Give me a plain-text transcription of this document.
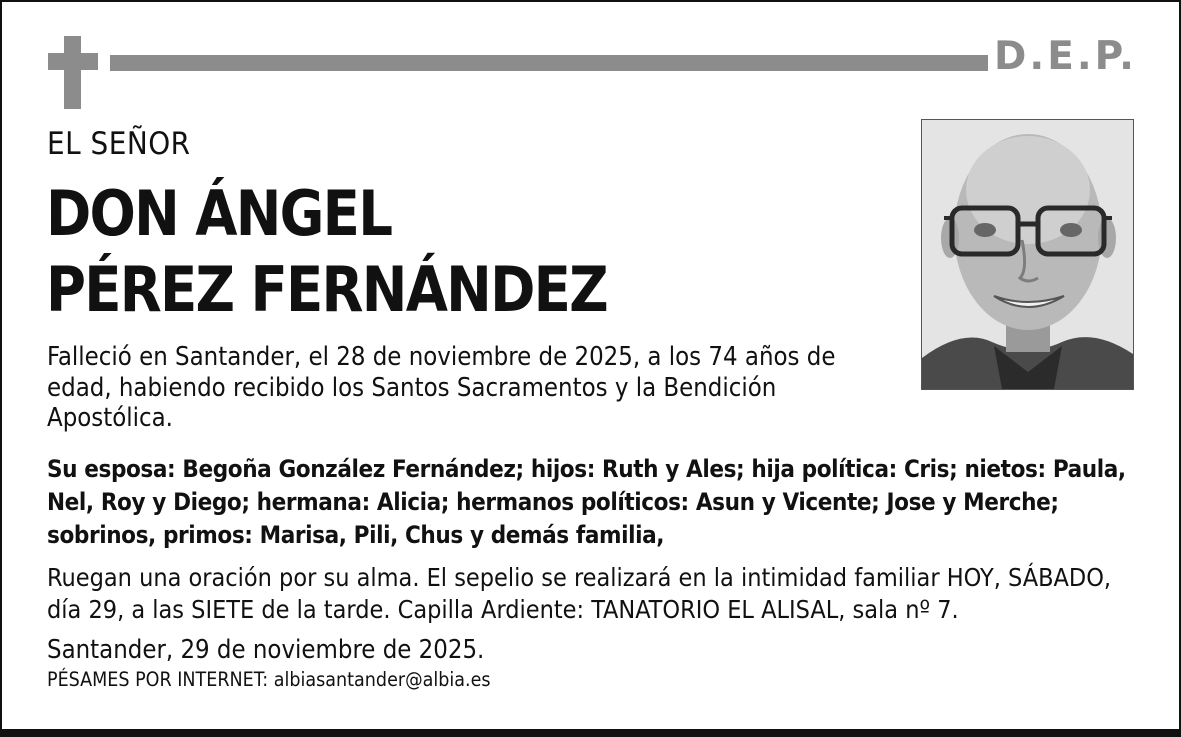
D.E.P.
EL SEÑOR
DON ÁNGEL
PÉREZ FERNÁNDEZ

Falleció en Santander, el 28 de noviembre de 2025, a los 74 años de edad, habiendo recibido los Santos Sacramentos y la Bendición Apostólica.

Su esposa: Begoña González Fernández; hijos: Ruth y Ales; hija política: Cris; nietos: Paula, Nel, Roy y Diego; hermana: Alicia; hermanos políticos: Asun y Vicente; Jose y Merche; sobrinos, primos: Marisa, Pili, Chus y demás familia,

Ruegan una oración por su alma. El sepelio se realizará en la intimidad familiar HOY, SÁBADO, día 29, a las SIETE de la tarde. Capilla Ardiente: TANATORIO EL ALISAL, sala nº 7.

Santander, 29 de noviembre de 2025.

PÉSAMES POR INTERNET: albiasantander@albia.es
